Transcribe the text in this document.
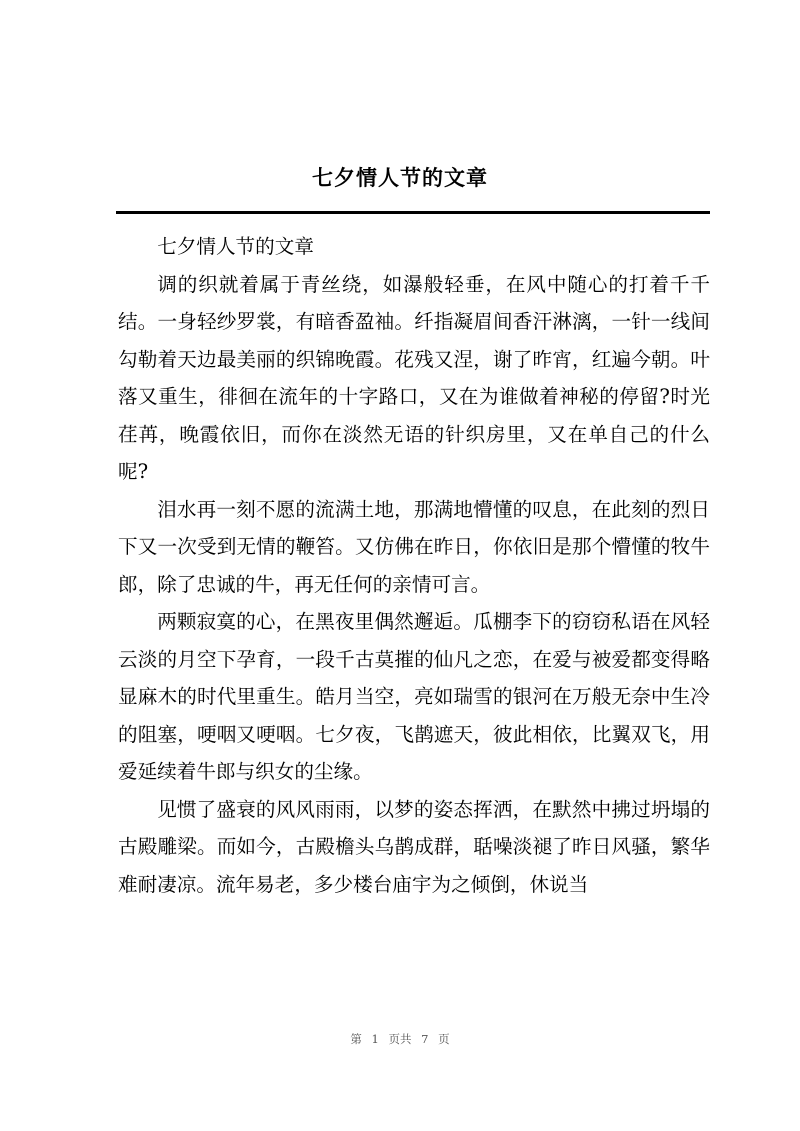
七夕情人节的文章

七夕情人节的文章

调的织就着属于青丝绕，如瀑般轻垂，在风中随心的打着千千结。一身轻纱罗裳，有暗香盈袖。纤指凝眉间香汗淋漓，一针一线间勾勒着天边最美丽的织锦晚霞。花残又涅，谢了昨宵，红遍今朝。叶落又重生，徘徊在流年的十字路口，又在为谁做着神秘的停留?时光荏苒，晚霞依旧，而你在淡然无语的针织房里，又在单自己的什么呢?

泪水再一刻不愿的流满土地，那满地懵懂的叹息，在此刻的烈日下又一次受到无情的鞭笞。又仿佛在昨日，你依旧是那个懵懂的牧牛郎，除了忠诚的牛，再无任何的亲情可言。

两颗寂寞的心，在黑夜里偶然邂逅。瓜棚李下的窃窃私语在风轻云淡的月空下孕育，一段千古莫摧的仙凡之恋，在爱与被爱都变得略显麻木的时代里重生。皓月当空，亮如瑞雪的银河在万般无奈中生冷的阻塞，哽咽又哽咽。七夕夜，飞鹊遮天，彼此相依，比翼双飞，用爱延续着牛郎与织女的尘缘。

见惯了盛衰的风风雨雨，以梦的姿态挥洒，在默然中拂过坍塌的古殿雕梁。而如今，古殿檐头乌鹊成群，聒噪淡褪了昨日风骚，繁华难耐凄凉。流年易老，多少楼台庙宇为之倾倒，休说当

第 1 页共 7 页
